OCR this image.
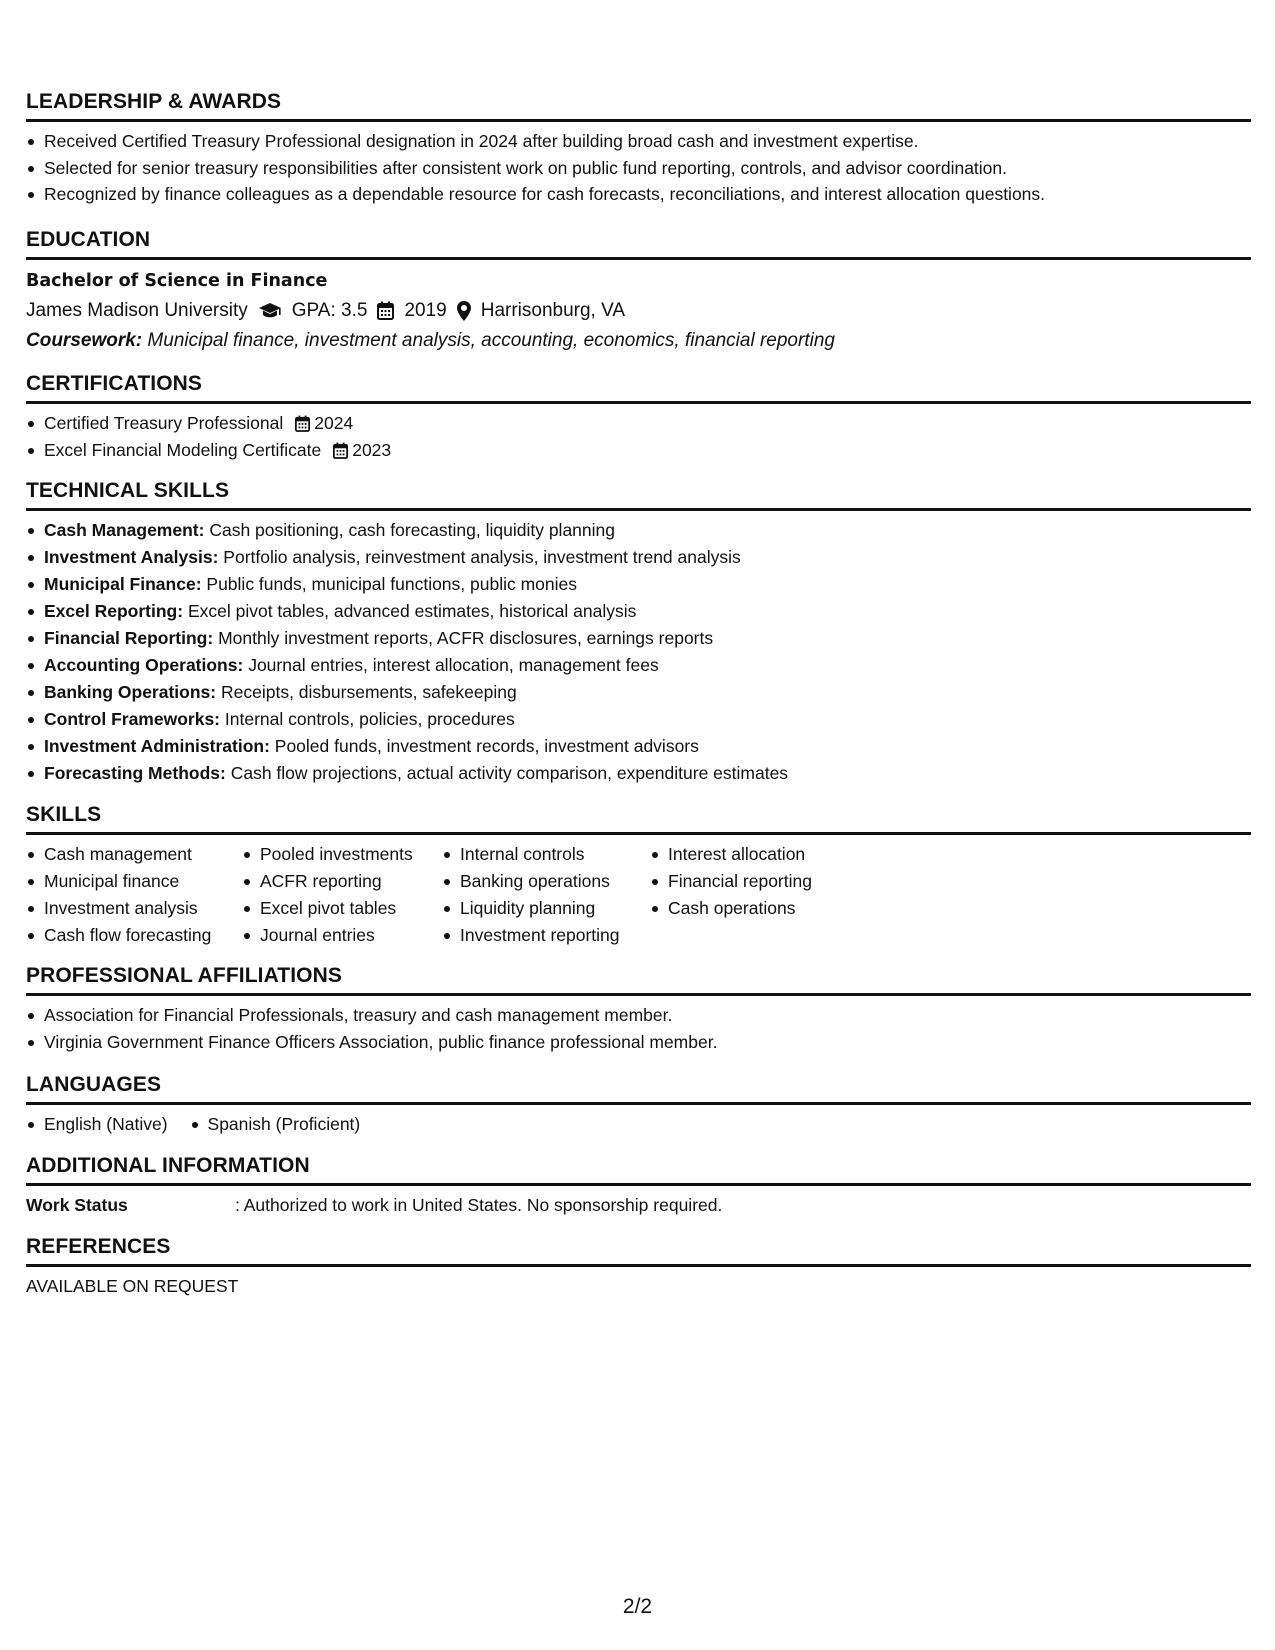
LEADERSHIP & AWARDS
Received Certified Treasury Professional designation in 2024 after building broad cash and investment expertise.
Selected for senior treasury responsibilities after consistent work on public fund reporting, controls, and advisor coordination.
Recognized by finance colleagues as a dependable resource for cash forecasts, reconciliations, and interest allocation questions.
EDUCATION
Bachelor of Science in Finance
James Madison University GPA: 3.5 2019 Harrisonburg, VA
Coursework: Municipal finance, investment analysis, accounting, economics, financial reporting
CERTIFICATIONS
Certified Treasury Professional 2024
Excel Financial Modeling Certificate 2023
TECHNICAL SKILLS
Cash Management: Cash positioning, cash forecasting, liquidity planning
Investment Analysis: Portfolio analysis, reinvestment analysis, investment trend analysis
Municipal Finance: Public funds, municipal functions, public monies
Excel Reporting: Excel pivot tables, advanced estimates, historical analysis
Financial Reporting: Monthly investment reports, ACFR disclosures, earnings reports
Accounting Operations: Journal entries, interest allocation, management fees
Banking Operations: Receipts, disbursements, safekeeping
Control Frameworks: Internal controls, policies, procedures
Investment Administration: Pooled funds, investment records, investment advisors
Forecasting Methods: Cash flow projections, actual activity comparison, expenditure estimates
SKILLS
Cash management
Municipal finance
Investment analysis
Cash flow forecasting
Pooled investments
ACFR reporting
Excel pivot tables
Journal entries
Internal controls
Banking operations
Liquidity planning
Investment reporting
Interest allocation
Financial reporting
Cash operations
PROFESSIONAL AFFILIATIONS
Association for Financial Professionals, treasury and cash management member.
Virginia Government Finance Officers Association, public finance professional member.
LANGUAGES
English (Native)	Spanish (Proficient)
ADDITIONAL INFORMATION
Work Status	: Authorized to work in United States. No sponsorship required.
REFERENCES
AVAILABLE ON REQUEST
2/2
